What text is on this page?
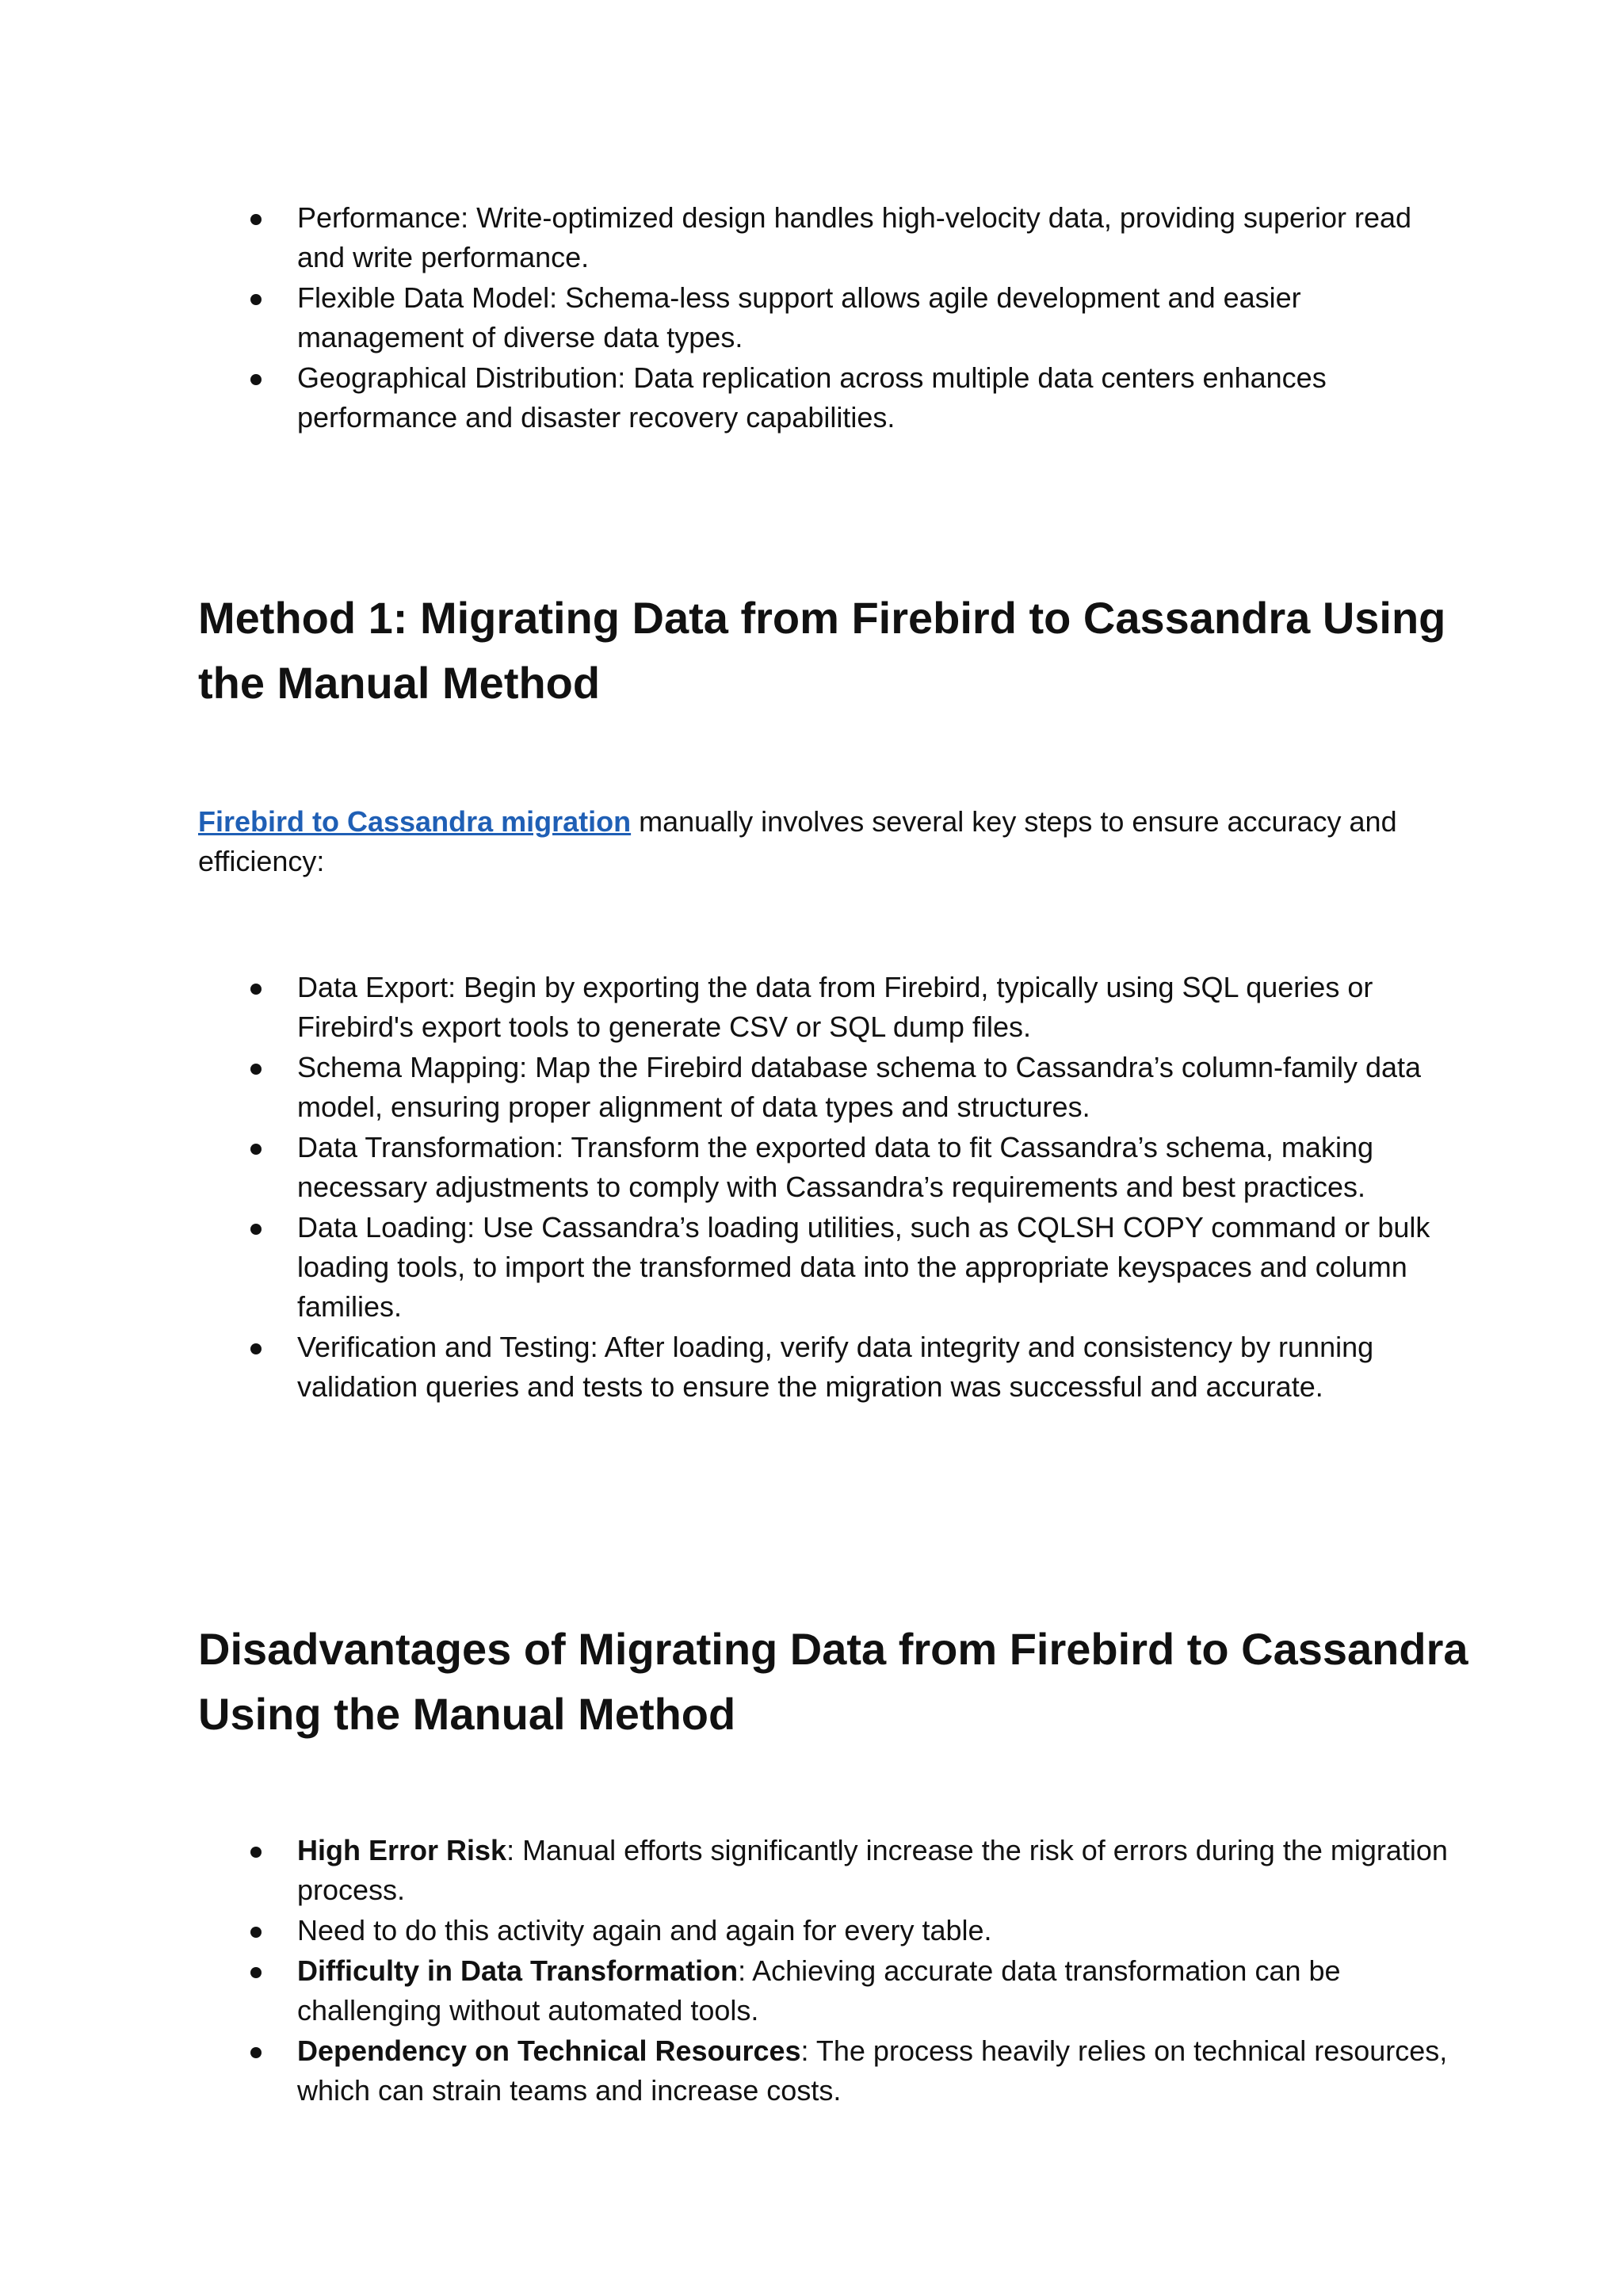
Performance: Write-optimized design handles high-velocity data, providing superior read and write performance.
Flexible Data Model: Schema-less support allows agile development and easier management of diverse data types.
Geographical Distribution: Data replication across multiple data centers enhances performance and disaster recovery capabilities.
Method 1: Migrating Data from Firebird to Cassandra Using the Manual Method

Firebird to Cassandra migration manually involves several key steps to ensure accuracy and efficiency:

Data Export: Begin by exporting the data from Firebird, typically using SQL queries or Firebird's export tools to generate CSV or SQL dump files.
Schema Mapping: Map the Firebird database schema to Cassandra’s column-family data model, ensuring proper alignment of data types and structures.
Data Transformation: Transform the exported data to fit Cassandra’s schema, making necessary adjustments to comply with Cassandra’s requirements and best practices.
Data Loading: Use Cassandra’s loading utilities, such as CQLSH COPY command or bulk loading tools, to import the transformed data into the appropriate keyspaces and column families.
Verification and Testing: After loading, verify data integrity and consistency by running validation queries and tests to ensure the migration was successful and accurate.
Disadvantages of Migrating Data from Firebird to Cassandra Using the Manual Method
High Error Risk: Manual efforts significantly increase the risk of errors during the migration process.
Need to do this activity again and again for every table.
Difficulty in Data Transformation: Achieving accurate data transformation can be challenging without automated tools.
Dependency on Technical Resources: The process heavily relies on technical resources, which can strain teams and increase costs.
